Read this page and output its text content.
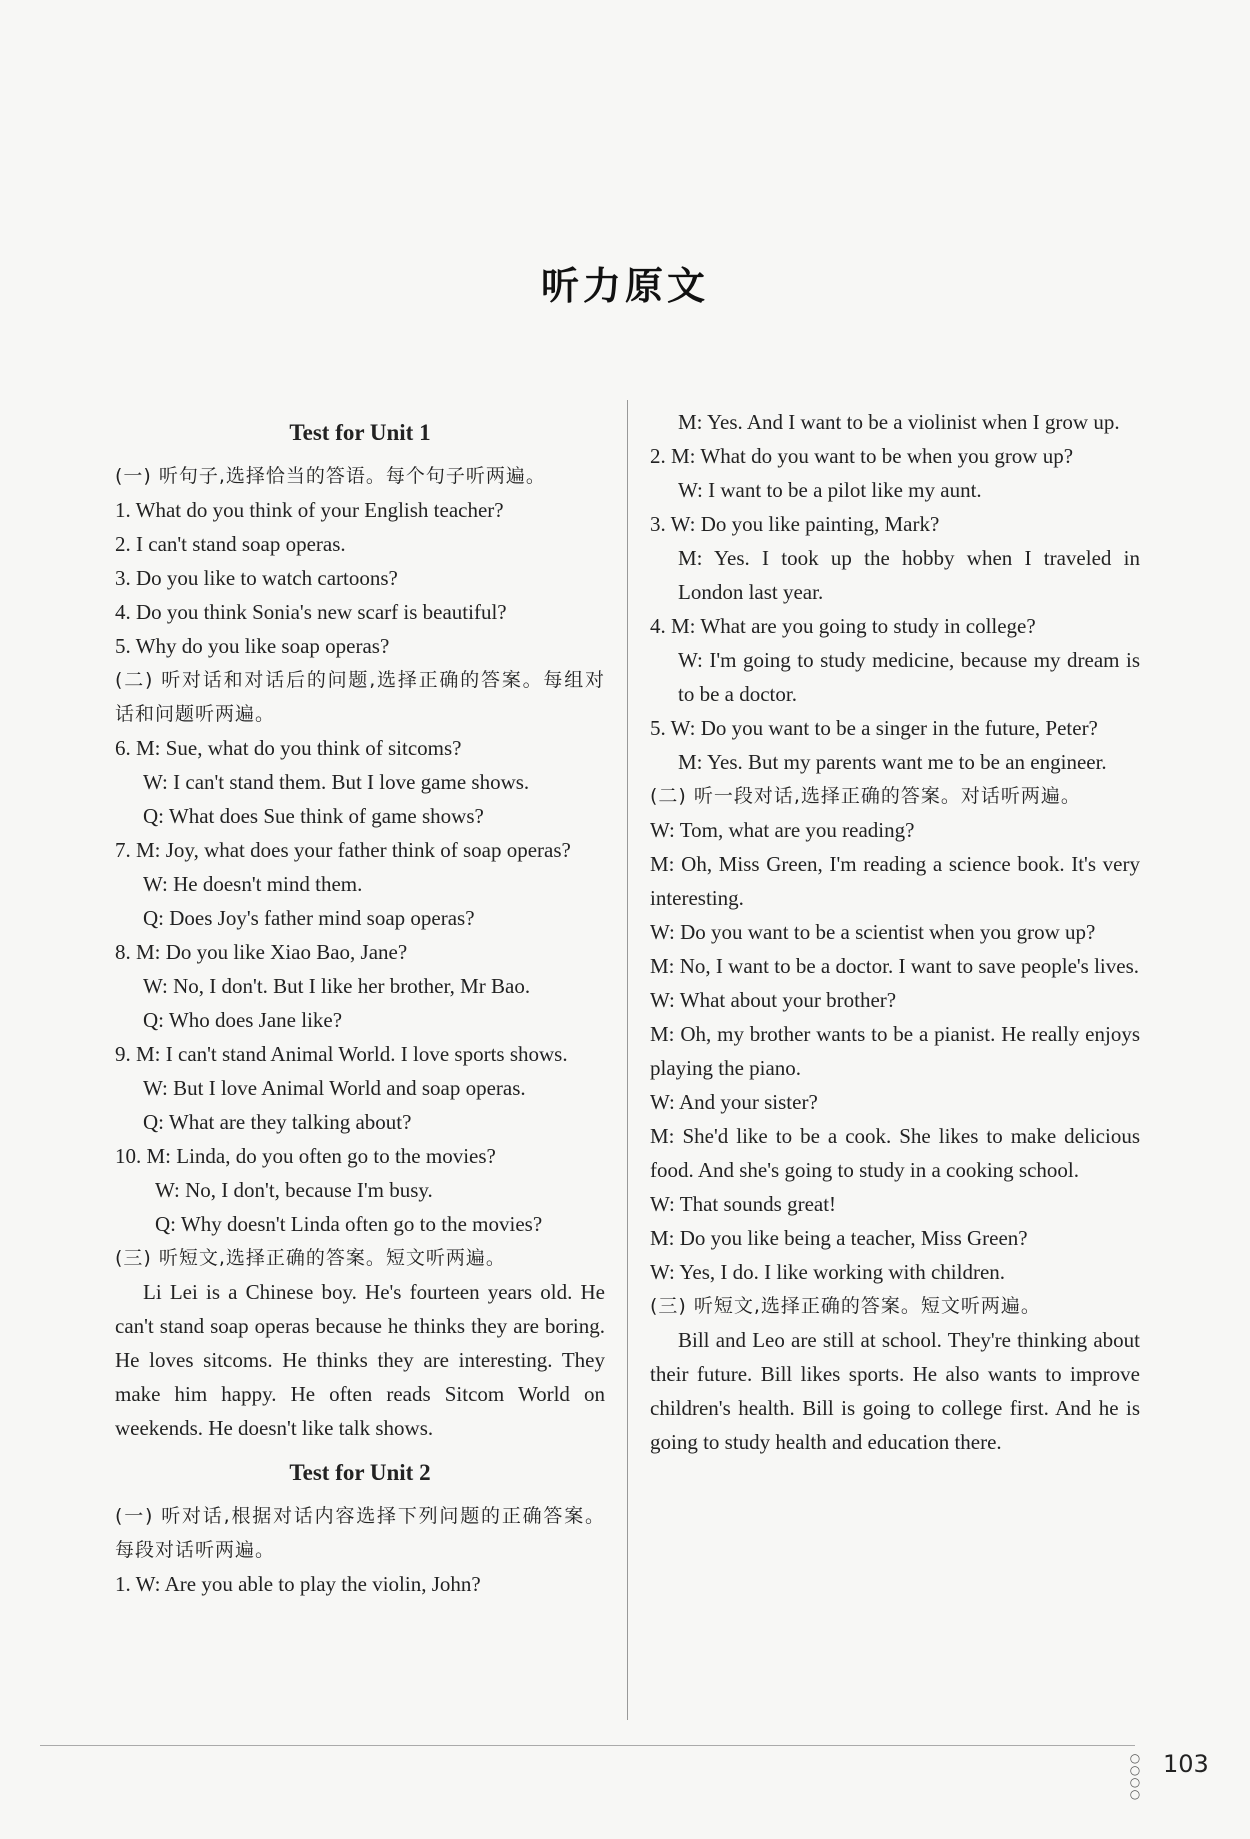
听力原文
Test for Unit 1
(一) 听句子,选择恰当的答语。每个句子听两遍。
1. What do you think of your English teacher?
2. I can't stand soap operas.
3. Do you like to watch cartoons?
4. Do you think Sonia's new scarf is beautiful?
5. Why do you like soap operas?
(二) 听对话和对话后的问题,选择正确的答案。每组对话和问题听两遍。
6. M: Sue, what do you think of sitcoms?
W: I can't stand them. But I love game shows.
Q: What does Sue think of game shows?
7. M: Joy, what does your father think of soap operas?
W: He doesn't mind them.
Q: Does Joy's father mind soap operas?
8. M: Do you like Xiao Bao, Jane?
W: No, I don't. But I like her brother, Mr Bao.
Q: Who does Jane like?
9. M: I can't stand Animal World. I love sports shows.
W: But I love Animal World and soap operas.
Q: What are they talking about?
10. M: Linda, do you often go to the movies?
W: No, I don't, because I'm busy.
Q: Why doesn't Linda often go to the movies?
(三) 听短文,选择正确的答案。短文听两遍。
Li Lei is a Chinese boy. He's fourteen years old. He can't stand soap operas because he thinks they are boring. He loves sitcoms. He thinks they are interesting. They make him happy. He often reads Sitcom World on weekends. He doesn't like talk shows.
Test for Unit 2
(一) 听对话,根据对话内容选择下列问题的正确答案。每段对话听两遍。
1. W: Are you able to play the violin, John?
M: Yes. And I want to be a violinist when I grow up.
2. M: What do you want to be when you grow up?
W: I want to be a pilot like my aunt.
3. W: Do you like painting, Mark?
M: Yes. I took up the hobby when I traveled in London last year.
4. M: What are you going to study in college?
W: I'm going to study medicine, because my dream is to be a doctor.
5. W: Do you want to be a singer in the future, Peter?
M: Yes. But my parents want me to be an engineer.
(二) 听一段对话,选择正确的答案。对话听两遍。
W: Tom, what are you reading?
M: Oh, Miss Green, I'm reading a science book. It's very interesting.
W: Do you want to be a scientist when you grow up?
M: No, I want to be a doctor. I want to save people's lives.
W: What about your brother?
M: Oh, my brother wants to be a pianist. He really enjoys playing the piano.
W: And your sister?
M: She'd like to be a cook. She likes to make delicious food. And she's going to study in a cooking school.
W: That sounds great!
M: Do you like being a teacher, Miss Green?
W: Yes, I do. I like working with children.
(三) 听短文,选择正确的答案。短文听两遍。
Bill and Leo are still at school. They're thinking about their future. Bill likes sports. He also wants to improve children's health. Bill is going to college first. And he is going to study health and education there.
○
○
○
○
103
